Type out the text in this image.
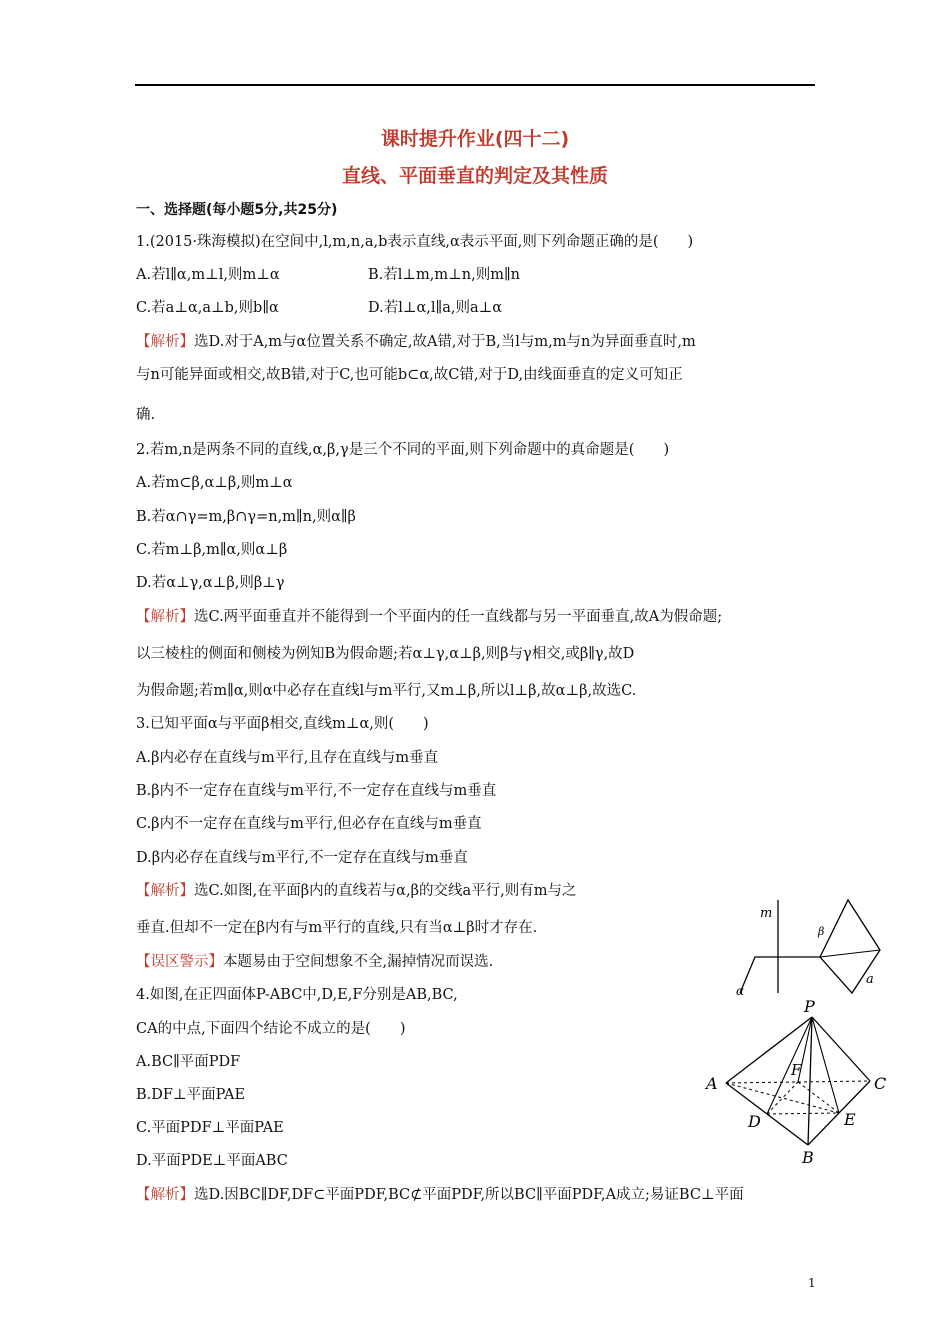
课时提升作业(四十二)
直线、平面垂直的判定及其性质
一、选择题(每小题5分,共25分)
1.(2015·珠海模拟)在空间中,l,m,n,a,b表示直线,α表示平面,则下列命题正确的是(　　)
A.若l∥α,m⊥l,则m⊥α	B.若l⊥m,m⊥n,则m∥n
C.若a⊥α,a⊥b,则b∥α	D.若l⊥α,l∥a,则a⊥α
【解析】选D.对于A,m与α位置关系不确定,故A错,对于B,当l与m,m与n为异面垂直时,m
与n可能异面或相交,故B错,对于C,也可能b⊂α,故C错,对于D,由线面垂直的定义可知正
确.
2.若m,n是两条不同的直线,α,β,γ是三个不同的平面,则下列命题中的真命题是(　　)
A.若m⊂β,α⊥β,则m⊥α
B.若α∩γ=m,β∩γ=n,m∥n,则α∥β
C.若m⊥β,m∥α,则α⊥β
D.若α⊥γ,α⊥β,则β⊥γ
【解析】选C.两平面垂直并不能得到一个平面内的任一直线都与另一平面垂直,故A为假命题;
以三棱柱的侧面和侧棱为例知B为假命题;若α⊥γ,α⊥β,则β与γ相交,或β∥γ,故D
为假命题;若m∥α,则α中必存在直线l与m平行,又m⊥β,所以l⊥β,故α⊥β,故选C.
3.已知平面α与平面β相交,直线m⊥α,则(　　)
A.β内必存在直线与m平行,且存在直线与m垂直
B.β内不一定存在直线与m平行,不一定存在直线与m垂直
C.β内不一定存在直线与m平行,但必存在直线与m垂直
D.β内必存在直线与m平行,不一定存在直线与m垂直
【解析】选C.如图,在平面β内的直线若与α,β的交线a平行,则有m与之
垂直.但却不一定在β内有与m平行的直线,只有当α⊥β时才存在.
【误区警示】本题易由于空间想象不全,漏掉情况而误选.
m
β
a
α
4.如图,在正四面体P-ABC中,D,E,F分别是AB,BC,
CA的中点,下面四个结论不成立的是(　　)
A.BC∥平面PDF
B.DF⊥平面PAE
C.平面PDF⊥平面PAE
D.平面PDE⊥平面ABC
【解析】选D.因BC∥DF,DF⊂平面PDF,BC⊄平面PDF,所以BC∥平面PDF,A成立;易证BC⊥平面
P
A	C
F
D	E
B
1
